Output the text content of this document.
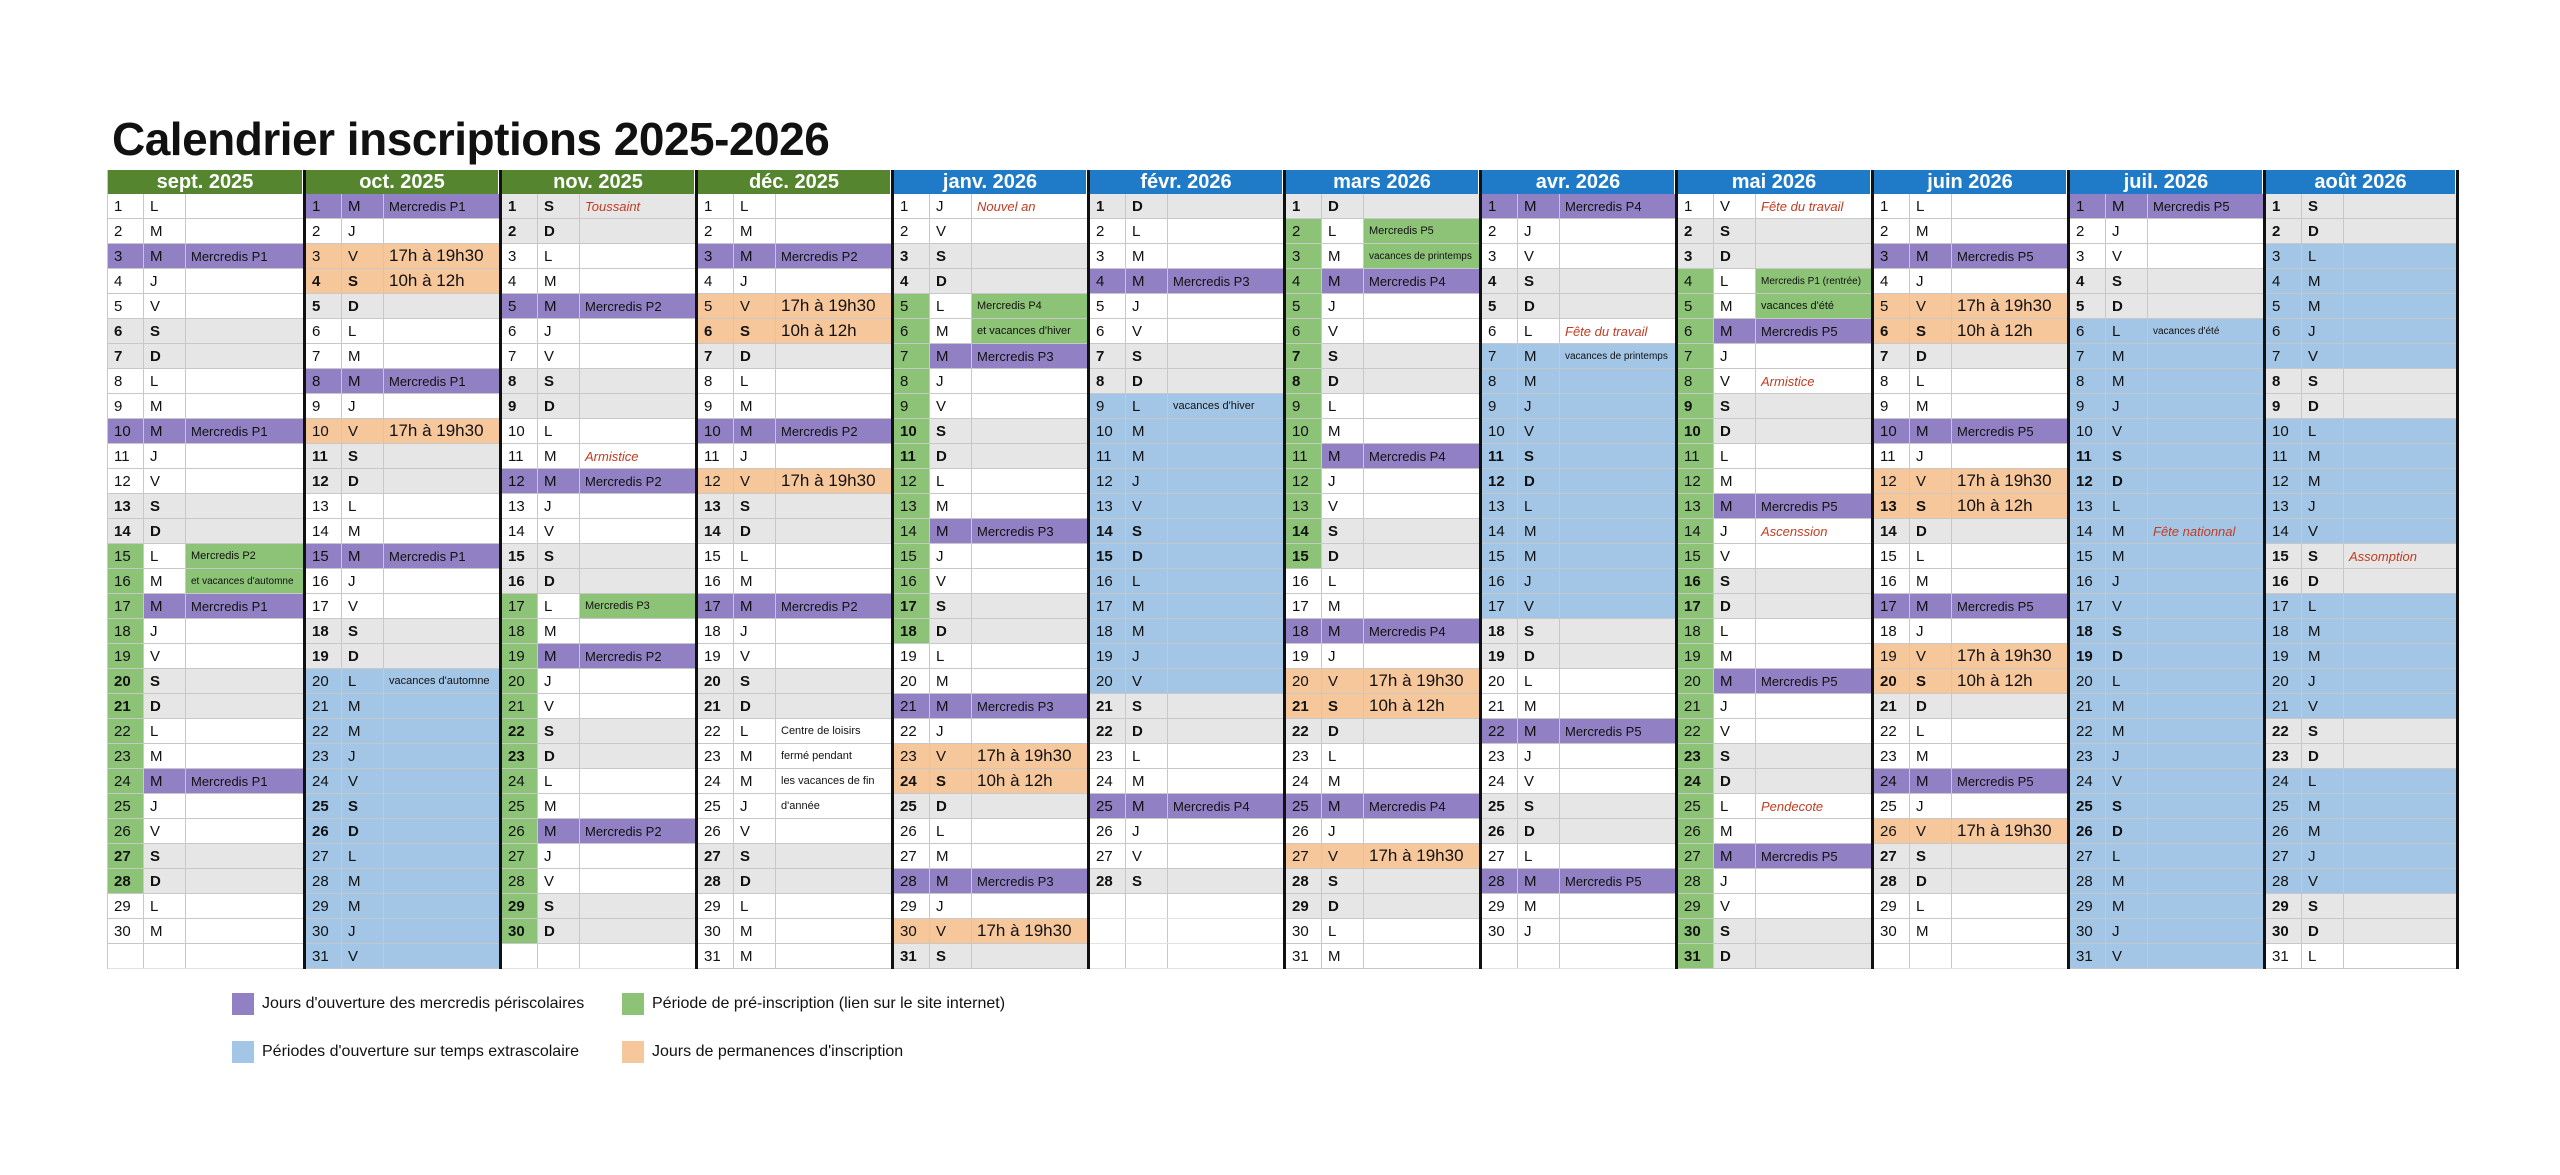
Calendrier inscriptions 2025-2026
sept. 2025
1	L
2	M
3	M	Mercredis P1
4	J
5	V
6	S
7	D
8	L
9	M
10	M	Mercredis P1
11	J
12	V
13	S
14	D
15	L	Mercredis P2
16	M	et vacances d'automne
17	M	Mercredis P1
18	J
19	V
20	S
21	D
22	L
23	M
24	M	Mercredis P1
25	J
26	V
27	S
28	D
29	L
30	M
oct. 2025
1	M	Mercredis P1
2	J
3	V	17h à 19h30
4	S	10h à 12h
5	D
6	L
7	M
8	M	Mercredis P1
9	J
10	V	17h à 19h30
11	S
12	D
13	L
14	M
15	M	Mercredis P1
16	J
17	V
18	S
19	D
20	L	vacances d'automne
21	M
22	M
23	J
24	V
25	S
26	D
27	L
28	M
29	M
30	J
31	V
nov. 2025
1	S	Toussaint
2	D
3	L
4	M
5	M	Mercredis P2
6	J
7	V
8	S
9	D
10	L
11	M	Armistice
12	M	Mercredis P2
13	J
14	V
15	S
16	D
17	L	Mercredis P3
18	M
19	M	Mercredis P2
20	J
21	V
22	S
23	D
24	L
25	M
26	M	Mercredis P2
27	J
28	V
29	S
30	D
déc. 2025
1	L
2	M
3	M	Mercredis P2
4	J
5	V	17h à 19h30
6	S	10h à 12h
7	D
8	L
9	M
10	M	Mercredis P2
11	J
12	V	17h à 19h30
13	S
14	D
15	L
16	M
17	M	Mercredis P2
18	J
19	V
20	S
21	D
22	L	Centre de loisirs
23	M	fermé pendant
24	M	les vacances de fin
25	J	d'année
26	V
27	S
28	D
29	L
30	M
31	M
janv. 2026
1	J	Nouvel an
2	V
3	S
4	D
5	L	Mercredis P4
6	M	et vacances d'hiver
7	M	Mercredis P3
8	J
9	V
10	S
11	D
12	L
13	M
14	M	Mercredis P3
15	J
16	V
17	S
18	D
19	L
20	M
21	M	Mercredis P3
22	J
23	V	17h à 19h30
24	S	10h à 12h
25	D
26	L
27	M
28	M	Mercredis P3
29	J
30	V	17h à 19h30
31	S
févr. 2026
1	D
2	L
3	M
4	M	Mercredis P3
5	J
6	V
7	S
8	D
9	L	vacances d'hiver
10	M
11	M
12	J
13	V
14	S
15	D
16	L
17	M
18	M
19	J
20	V
21	S
22	D
23	L
24	M
25	M	Mercredis P4
26	J
27	V
28	S
mars 2026
1	D
2	L	Mercredis P5
3	M	vacances de printemps
4	M	Mercredis P4
5	J
6	V
7	S
8	D
9	L
10	M
11	M	Mercredis P4
12	J
13	V
14	S
15	D
16	L
17	M
18	M	Mercredis P4
19	J
20	V	17h à 19h30
21	S	10h à 12h
22	D
23	L
24	M
25	M	Mercredis P4
26	J
27	V	17h à 19h30
28	S
29	D
30	L
31	M
avr. 2026
1	M	Mercredis P4
2	J
3	V
4	S
5	D
6	L	Fête du travail
7	M	vacances de printemps
8	M
9	J
10	V
11	S
12	D
13	L
14	M
15	M
16	J
17	V
18	S
19	D
20	L
21	M
22	M	Mercredis P5
23	J
24	V
25	S
26	D
27	L
28	M	Mercredis P5
29	M
30	J
mai 2026
1	V	Fête du travail
2	S
3	D
4	L	Mercredis P1 (rentrée)
5	M	vacances d'été
6	M	Mercredis P5
7	J
8	V	Armistice
9	S
10	D
11	L
12	M
13	M	Mercredis P5
14	J	Ascenssion
15	V
16	S
17	D
18	L
19	M
20	M	Mercredis P5
21	J
22	V
23	S
24	D
25	L	Pendecote
26	M
27	M	Mercredis P5
28	J
29	V
30	S
31	D
juin 2026
1	L
2	M
3	M	Mercredis P5
4	J
5	V	17h à 19h30
6	S	10h à 12h
7	D
8	L
9	M
10	M	Mercredis P5
11	J
12	V	17h à 19h30
13	S	10h à 12h
14	D
15	L
16	M
17	M	Mercredis P5
18	J
19	V	17h à 19h30
20	S	10h à 12h
21	D
22	L
23	M
24	M	Mercredis P5
25	J
26	V	17h à 19h30
27	S
28	D
29	L
30	M
juil. 2026
1	M	Mercredis P5
2	J
3	V
4	S
5	D
6	L	vacances d'été
7	M
8	M
9	J
10	V
11	S
12	D
13	L
14	M	Fête nationnal
15	M
16	J
17	V
18	S
19	D
20	L
21	M
22	M
23	J
24	V
25	S
26	D
27	L
28	M
29	M
30	J
31	V
août 2026
1	S
2	D
3	L
4	M
5	M
6	J
7	V
8	S
9	D
10	L
11	M
12	M
13	J
14	V
15	S	Assomption
16	D
17	L
18	M
19	M
20	J
21	V
22	S
23	D
24	L
25	M
26	M
27	J
28	V
29	S
30	D
31	L
Jours d'ouverture des mercredis périscolaires	Période de pré-inscription (lien sur le site internet)
Périodes d'ouverture sur temps extrascolaire	Jours de permanences d'inscription
